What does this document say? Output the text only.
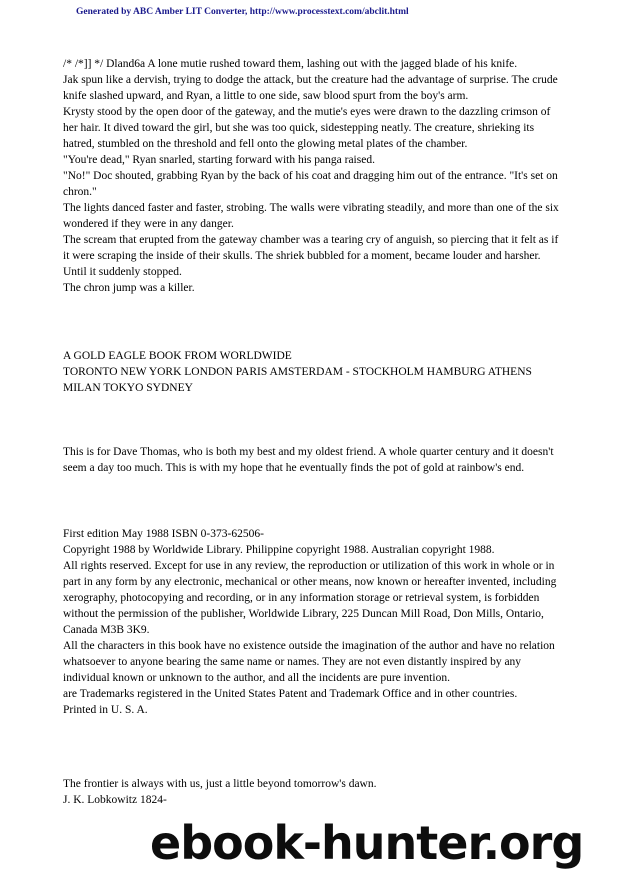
Generated by ABC Amber LIT Converter, http://www.processtext.com/abclit.html

/* /*]] */ Dland6a A lone mutie rushed toward them, lashing out with the jagged blade of his knife.

Jak spun like a dervish, trying to dodge the attack, but the creature had the advantage of surprise. The crude knife slashed upward, and Ryan, a little to one side, saw blood spurt from the boy's arm.

Krysty stood by the open door of the gateway, and the mutie's eyes were drawn to the dazzling crimson of her hair. It dived toward the girl, but she was too quick, sidestepping neatly. The creature, shrieking its hatred, stumbled on the threshold and fell onto the glowing metal plates of the chamber.

"You're dead," Ryan snarled, starting forward with his panga raised.

"No!" Doc shouted, grabbing Ryan by the back of his coat and dragging him out of the entrance. "It's set on chron."

The lights danced faster and faster, strobing. The walls were vibrating steadily, and more than one of the six wondered if they were in any danger.

The scream that erupted from the gateway chamber was a tearing cry of anguish, so piercing that it felt as if it were scraping the inside of their skulls. The shriek bubbled for a moment, became louder and harsher. Until it suddenly stopped.

The chron jump was a killer.

A GOLD EAGLE BOOK FROM WORLDWIDE

TORONTO NEW YORK LONDON PARIS AMSTERDAM - STOCKHOLM HAMBURG ATHENS MILAN TOKYO SYDNEY

This is for Dave Thomas, who is both my best and my oldest friend. A whole quarter century and it doesn't seem a day too much. This is with my hope that he eventually finds the pot of gold at rainbow's end.

First edition May 1988 ISBN 0-373-62506-

Copyright 1988 by Worldwide Library. Philippine copyright 1988. Australian copyright 1988.

All rights reserved. Except for use in any review, the reproduction or utilization of this work in whole or in part in any form by any electronic, mechanical or other means, now known or hereafter invented, including xerography, photocopying and recording, or in any information storage or retrieval system, is forbidden without the permission of the publisher, Worldwide Library, 225 Duncan Mill Road, Don Mills, Ontario, Canada M3B 3K9.

All the characters in this book have no existence outside the imagination of the author and have no relation whatsoever to anyone bearing the same name or names. They are not even distantly inspired by any individual known or unknown to the author, and all the incidents are pure invention.

are Trademarks registered in the United States Patent and Trademark Office and in other countries.

Printed in U. S. A.

The frontier is always with us, just a little beyond tomorrow's dawn.

J. K. Lobkowitz 1824-

ebook-hunter.org
